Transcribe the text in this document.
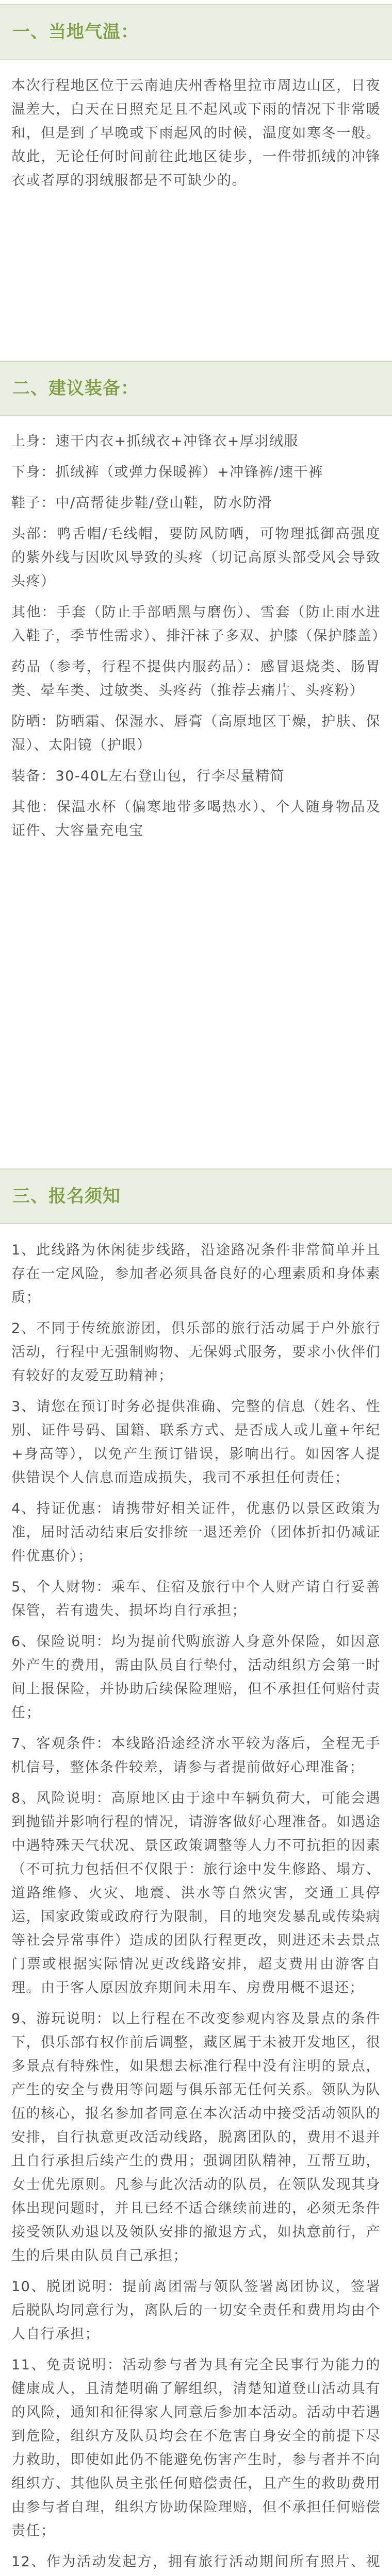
一、当地气温：

本次行程地区位于云南迪庆州香格里拉市周边山区，日夜温差大，白天在日照充足且不起风或下雨的情况下非常暖和，但是到了早晚或下雨起风的时候，温度如寒冬一般。故此，无论任何时间前往此地区徒步，一件带抓绒的冲锋衣或者厚的羽绒服都是不可缺少的。

二、建议装备：

上身：速干内衣+抓绒衣+冲锋衣+厚羽绒服

下身：抓绒裤（或弹力保暖裤）+冲锋裤/速干裤

鞋子：中/高帮徒步鞋/登山鞋，防水防滑

头部：鸭舌帽/毛线帽，要防风防晒，可物理抵御高强度的紫外线与因吹风导致的头疼（切记高原头部受风会导致头疼）

其他：手套（防止手部晒黑与磨伤）、雪套（防止雨水进入鞋子，季节性需求）、排汗袜子多双、护膝（保护膝盖）

药品（参考，行程不提供内服药品）：感冒退烧类、肠胃类、晕车类、过敏类、头疼药（推荐去痛片、头疼粉）

防晒：防晒霜、保湿水、唇膏（高原地区干燥，护肤、保湿）、太阳镜（护眼）

装备：30-40L左右登山包，行李尽量精简

其他：保温水杯（偏寒地带多喝热水）、个人随身物品及证件、大容量充电宝

三、报名须知

1、此线路为休闲徒步线路，沿途路况条件非常简单并且存在一定风险，参加者必须具备良好的心理素质和身体素质；

2、不同于传统旅游团，俱乐部的旅行活动属于户外旅行活动，行程中无强制购物、无保姆式服务，要求小伙伴们有较好的友爱互助精神；

3、请您在预订时务必提供准确、完整的信息（姓名、性别、证件号码、国籍、联系方式、是否成人或儿童+年纪+身高等），以免产生预订错误，影响出行。如因客人提供错误个人信息而造成损失，我司不承担任何责任；

4、持证优惠：请携带好相关证件，优惠仍以景区政策为准，届时活动结束后安排统一退还差价（团体折扣仍减证件优惠价）；

5、个人财物：乘车、住宿及旅行中个人财产请自行妥善保管，若有遗失、损坏均自行承担；

6、保险说明：均为提前代购旅游人身意外保险，如因意外产生的费用，需由队员自行垫付，活动组织方会第一时间上报保险，并协助后续保险理赔，但不承担任何赔付责任；

7、客观条件：本线路沿途经济水平较为落后，全程无手机信号，整体条件较差，请参与者提前做好心理准备；

8、风险说明：高原地区由于途中车辆负荷大，可能会遇到抛锚并影响行程的情况，请游客做好心理准备。如遇途中遇特殊天气状况、景区政策调整等人力不可抗拒的因素（不可抗力包括但不仅限于：旅行途中发生修路、塌方、道路维修、火灾、地震、洪水等自然灾害，交通工具停运，国家政策或政府行为限制，目的地突发暴乱或传染病等社会异常事件）造成的团队行程更改，则进还未去景点门票或根据实际情况更改线路安排，超支费用由游客自理。由于客人原因放弃期间未用车、房费用概不退还；

9、游玩说明：以上行程在不改变参观内容及景点的条件下，俱乐部有权作前后调整，藏区属于未被开发地区，很多景点有特殊性，如果想去标准行程中没有注明的景点，产生的安全与费用等问题与俱乐部无任何关系。领队为队伍的核心，报名参加者同意在本次活动中接受活动领队的安排，自行执意更改活动线路，脱离团队的，费用不退并且自行承担后续产生的费用；强调团队精神，互帮互助，女士优先原则。凡参与此次活动的队员，在领队发现其身体出现问题时，并且已经不适合继续前进的，必须无条件接受领队劝退以及领队安排的撤退方式，如执意前行，产生的后果由队员自己承担；

10、脱团说明：提前离团需与领队签署离团协议，签署后脱队均同意行为，离队后的一切安全责任和费用均由个人自行承担；

11、免责说明：活动参与者为具有完全民事行为能力的健康成人，且清楚明确了解组织，清楚知道登山活动具有的风险，通知和征得家人同意后参加本活动。活动中若遇到危险，组织方及队员均会在不危害自身安全的前提下尽力救助，即使如此仍不能避免伤害产生时，参与者并不向组织方、其他队员主张任何赔偿责任，且产生的救助费用由参与者自理，组织方协助保险理赔，但不承担任何赔偿责任；

12、作为活动发起方，拥有旅行活动期间所有照片、视
